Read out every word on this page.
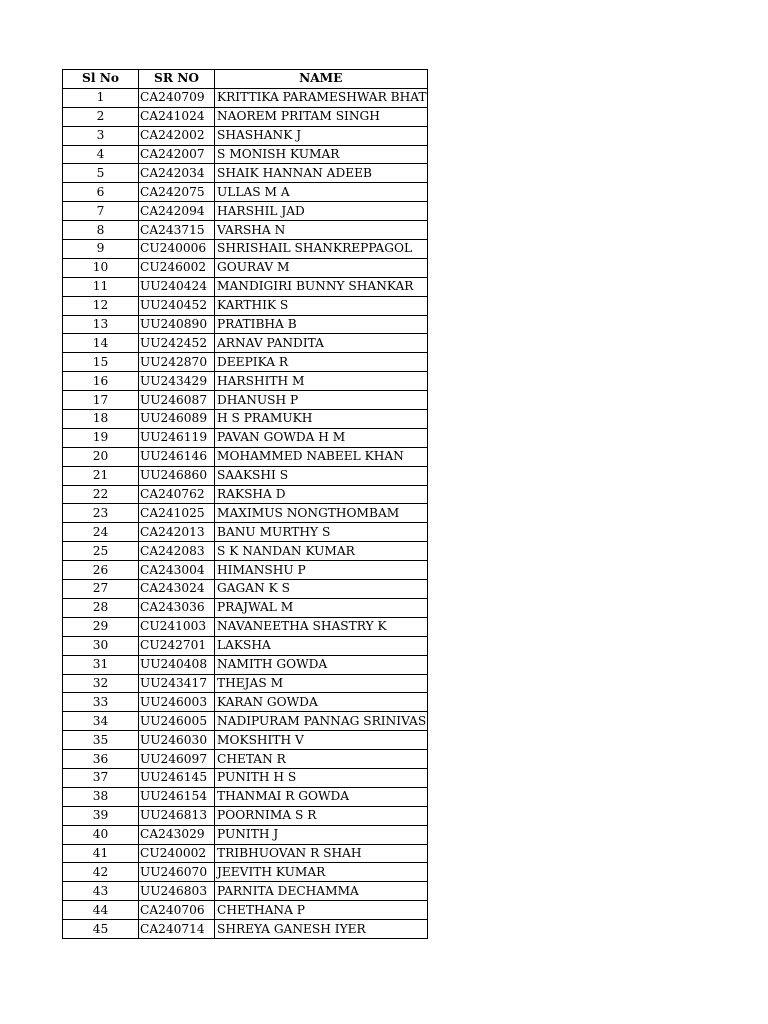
Sl No	SR NO	NAME
1	CA240709	KRITTIKA PARAMESHWAR BHAT
2	CA241024	NAOREM PRITAM SINGH
3	CA242002	SHASHANK J
4	CA242007	S MONISH KUMAR
5	CA242034	SHAIK HANNAN ADEEB
6	CA242075	ULLAS M A
7	CA242094	HARSHIL JAD
8	CA243715	VARSHA N
9	CU240006	SHRISHAIL SHANKREPPAGOL
10	CU246002	GOURAV M
11	UU240424	MANDIGIRI BUNNY SHANKAR
12	UU240452	KARTHIK S
13	UU240890	PRATIBHA B
14	UU242452	ARNAV PANDITA
15	UU242870	DEEPIKA R
16	UU243429	HARSHITH M
17	UU246087	DHANUSH P
18	UU246089	H S PRAMUKH
19	UU246119	PAVAN GOWDA H M
20	UU246146	MOHAMMED NABEEL KHAN
21	UU246860	SAAKSHI S
22	CA240762	RAKSHA D
23	CA241025	MAXIMUS NONGTHOMBAM
24	CA242013	BANU MURTHY S
25	CA242083	S K NANDAN KUMAR
26	CA243004	HIMANSHU P
27	CA243024	GAGAN K S
28	CA243036	PRAJWAL M
29	CU241003	NAVANEETHA SHASTRY K
30	CU242701	LAKSHA
31	UU240408	NAMITH GOWDA
32	UU243417	THEJAS M
33	UU246003	KARAN GOWDA
34	UU246005	NADIPURAM PANNAG SRINIVAS
35	UU246030	MOKSHITH V
36	UU246097	CHETAN R
37	UU246145	PUNITH H S
38	UU246154	THANMAI R GOWDA
39	UU246813	POORNIMA S R
40	CA243029	PUNITH J
41	CU240002	TRIBHUOVAN R SHAH
42	UU246070	JEEVITH KUMAR
43	UU246803	PARNITA DECHAMMA
44	CA240706	CHETHANA P
45	CA240714	SHREYA GANESH IYER
